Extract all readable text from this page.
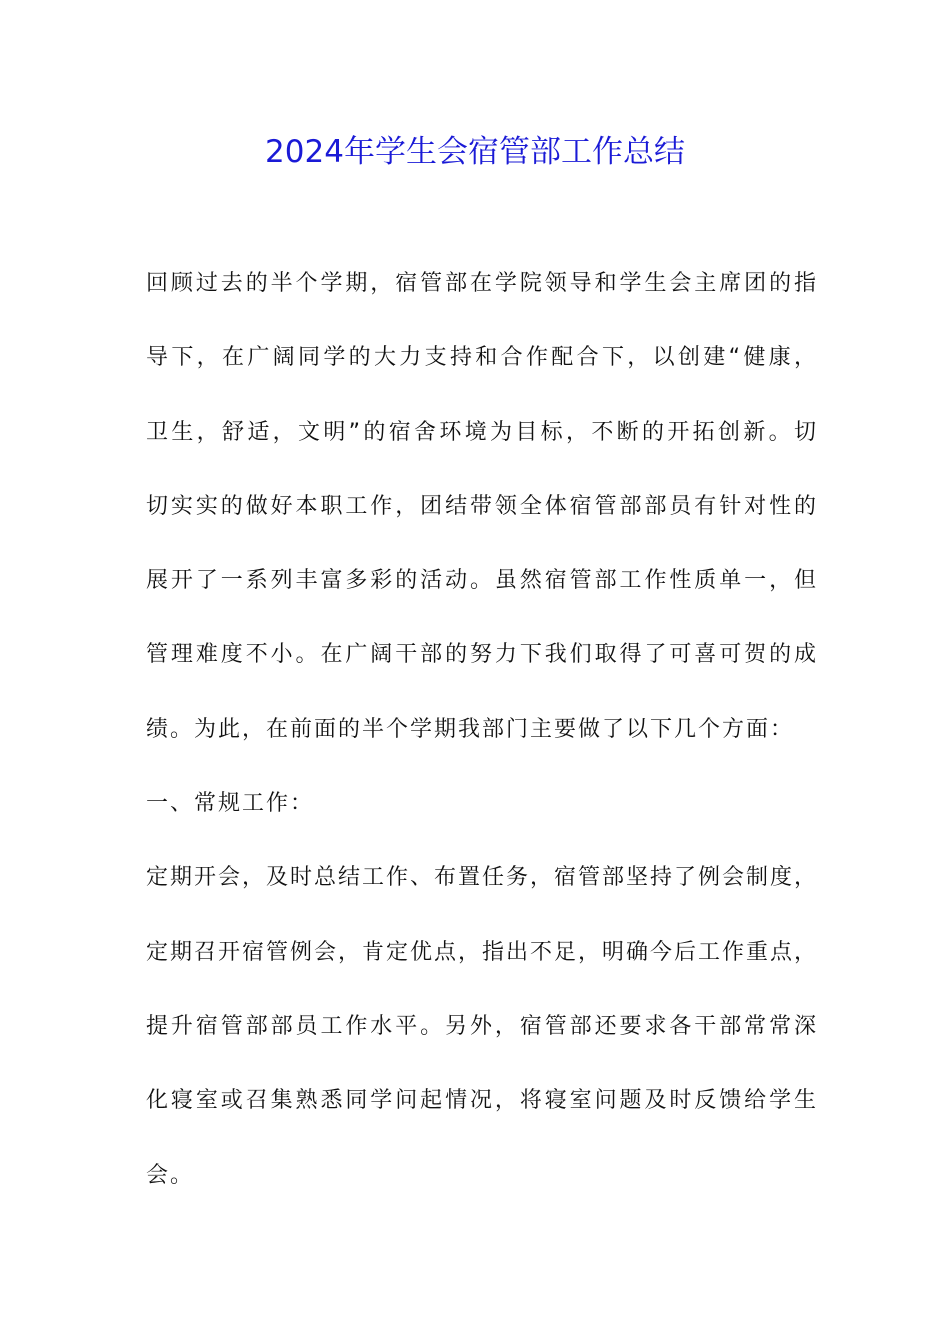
2024年学生会宿管部工作总结
回顾过去的半个学期，宿管部在学院领导和学生会主席团的指
导下，在广阔同学的大力支持和合作配合下，以创建“健康，
卫生，舒适，文明”的宿舍环境为目标，不断的开拓创新。切
切实实的做好本职工作，团结带领全体宿管部部员有针对性的
展开了一系列丰富多彩的活动。虽然宿管部工作性质单一，但
管理难度不小。在广阔干部的努力下我们取得了可喜可贺的成
绩。为此，在前面的半个学期我部门主要做了以下几个方面：
一、常规工作：
定期开会，及时总结工作、布置任务，宿管部坚持了例会制度，
定期召开宿管例会，肯定优点，指出不足，明确今后工作重点，
提升宿管部部员工作水平。另外，宿管部还要求各干部常常深
化寝室或召集熟悉同学问起情况，将寝室问题及时反馈给学生
会。
